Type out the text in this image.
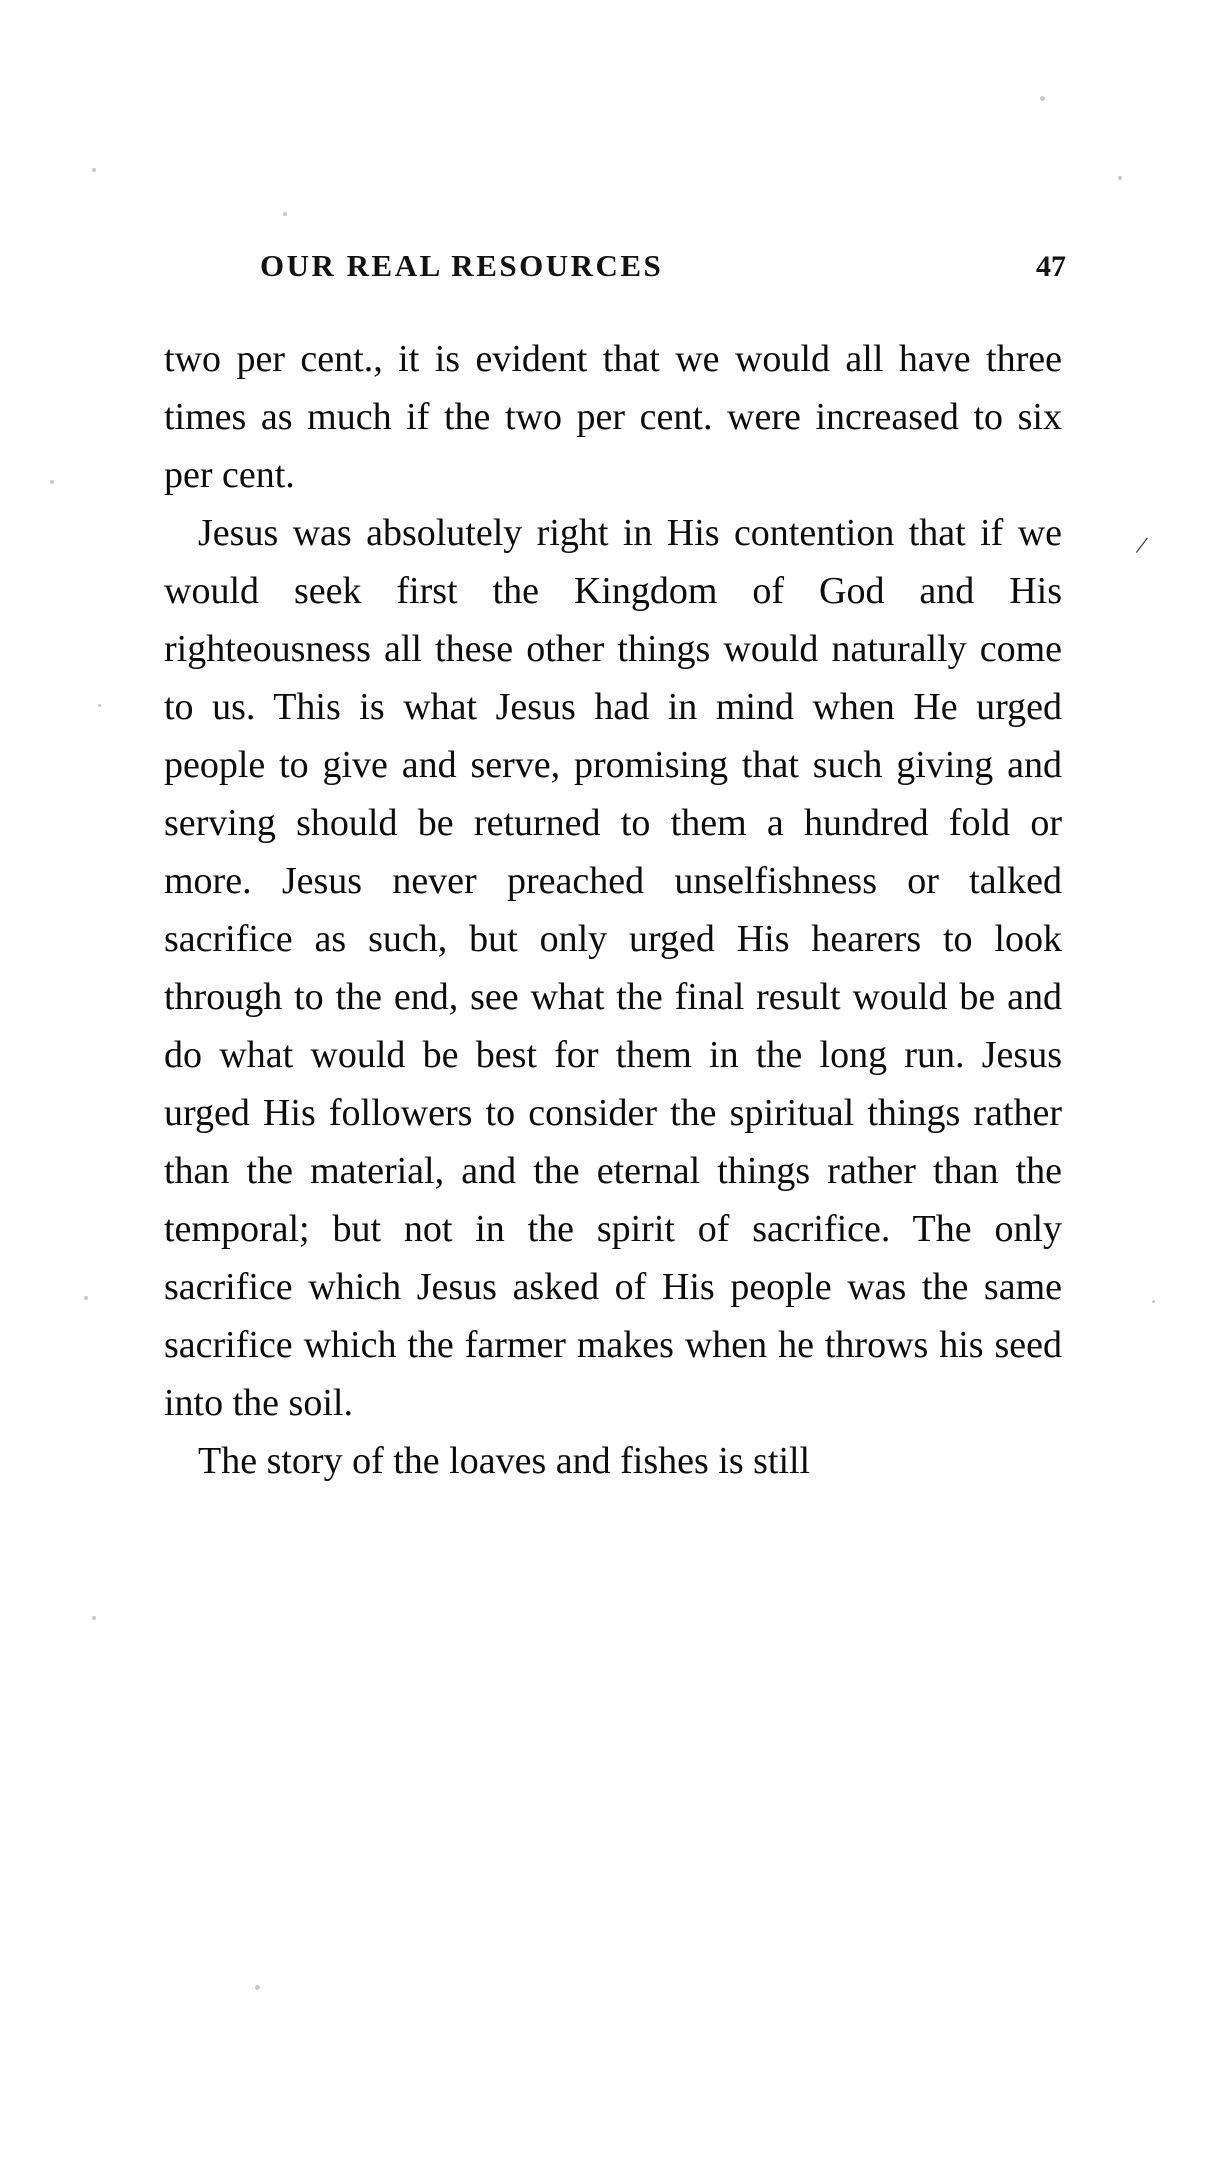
OUR REAL RESOURCES	47

two per cent., it is evident that we would all have three times as much if the two per cent. were increased to six per cent.

Jesus was absolutely right in His contention that if we would seek first the Kingdom of God and His righteousness all these other things would naturally come to us. This is what Jesus had in mind when He urged people to give and serve, promising that such giving and serving should be returned to them a hundred fold or more. Jesus never preached unselfishness or talked sacrifice as such, but only urged His hearers to look through to the end, see what the final result would be and do what would be best for them in the long run. Jesus urged His followers to consider the spiritual things rather than the material, and the eternal things rather than the temporal; but not in the spirit of sacrifice. The only sacrifice which Jesus asked of His people was the same sacrifice which the farmer makes when he throws his seed into the soil.

The story of the loaves and fishes is still

/
